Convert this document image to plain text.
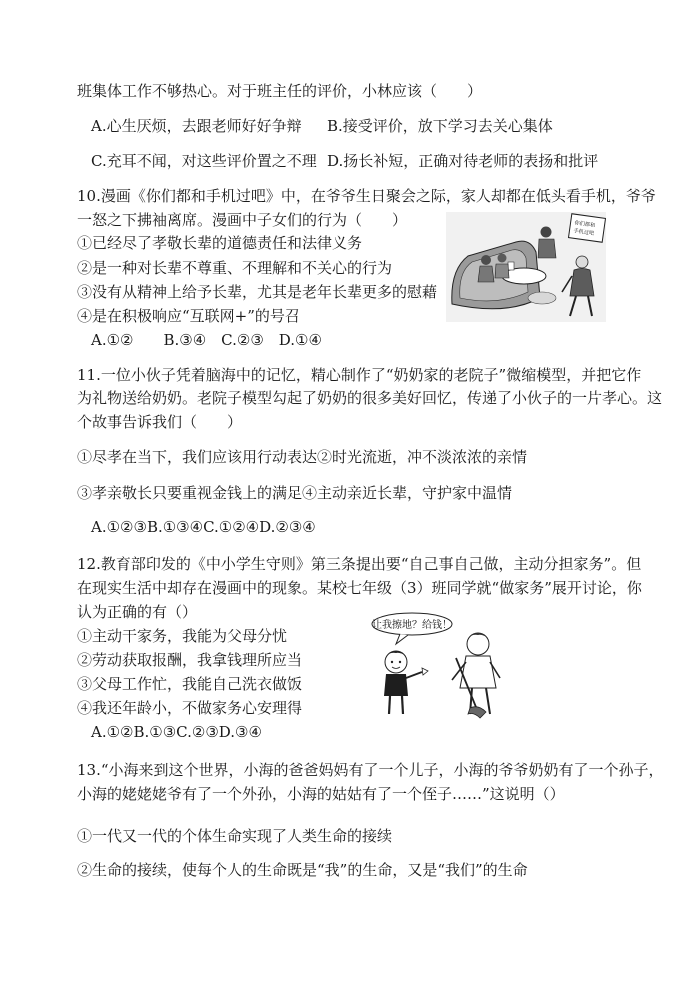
班集体工作不够热心。对于班主任的评价，小林应该（　　）
A.心生厌烦，去跟老师好好争辩 B.接受评价，放下学习去关心集体
C.充耳不闻，对这些评价置之不理 D.扬长补短，正确对待老师的表扬和批评
10.漫画《你们都和手机过吧》中，在爷爷生日聚会之际，家人却都在低头看手机，爷爷
一怒之下拂袖离席。漫画中子女们的行为（　　）
①已经尽了孝敬长辈的道德责任和法律义务
②是一种对长辈不尊重、不理解和不关心的行为
③没有从精神上给予长辈，尤其是老年长辈更多的慰藉
④是在积极响应“互联网+”的号召
A.①②　　B.③④　C.②③　D.①④
你们都和
手机过吧
11.一位小伙子凭着脑海中的记忆，精心制作了“奶奶家的老院子”微缩模型，并把它作
为礼物送给奶奶。老院子模型勾起了奶奶的很多美好回忆，传递了小伙子的一片孝心。这
个故事告诉我们（　　）
①尽孝在当下，我们应该用行动表达②时光流逝，冲不淡浓浓的亲情
③孝亲敬长只要重视金钱上的满足④主动亲近长辈，守护家中温情
A.①②③B.①③④C.①②④D.②③④
12.教育部印发的《中小学生守则》第三条提出要“自己事自己做，主动分担家务”。但
在现实生活中却存在漫画中的现象。某校七年级（3）班同学就“做家务”展开讨论，你
认为正确的有（）
①主动干家务，我能为父母分忧
②劳动获取报酬，我拿钱理所应当
③父母工作忙，我能自己洗衣做饭
④我还年龄小，不做家务心安理得
A.①②B.①③C.②③D.③④
让我擦地？给钱！
13.“小海来到这个世界，小海的爸爸妈妈有了一个儿子，小海的爷爷奶奶有了一个孙子，
小海的姥姥姥爷有了一个外孙，小海的姑姑有了一个侄子……”这说明（）
①一代又一代的个体生命实现了人类生命的接续
②生命的接续，使每个人的生命既是“我”的生命，又是“我们”的生命
